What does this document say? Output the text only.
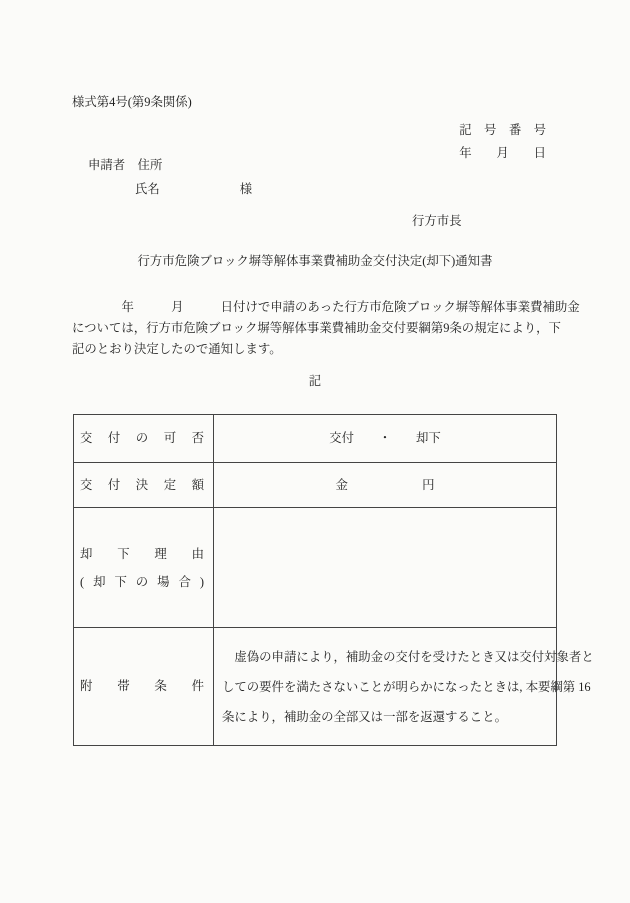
様式第4号(第9条関係)
記　号　番　号
年　　月　　日
申請者　住所
氏名	様
行方市長
行方市危険ブロック塀等解体事業費補助金交付決定(却下)通知書
　　　　年　　　月　　　日付けで申請のあった行方市危険ブロック塀等解体事業費補助金
については，行方市危険ブロック塀等解体事業費補助金交付要綱第9条の規定により，下
記のとおり決定したので通知します。
記
交付の可否	交付　　・　　却下
交付決定額	金　　　　　　円

却下理由
(却下の場合)	

附帯条件	　虚偽の申請により，補助金の交付を受けたとき又は交付対象者と
しての要件を満たさないことが明らかになったときは, 本要綱第 16
条により，補助金の全部又は一部を返還すること。
